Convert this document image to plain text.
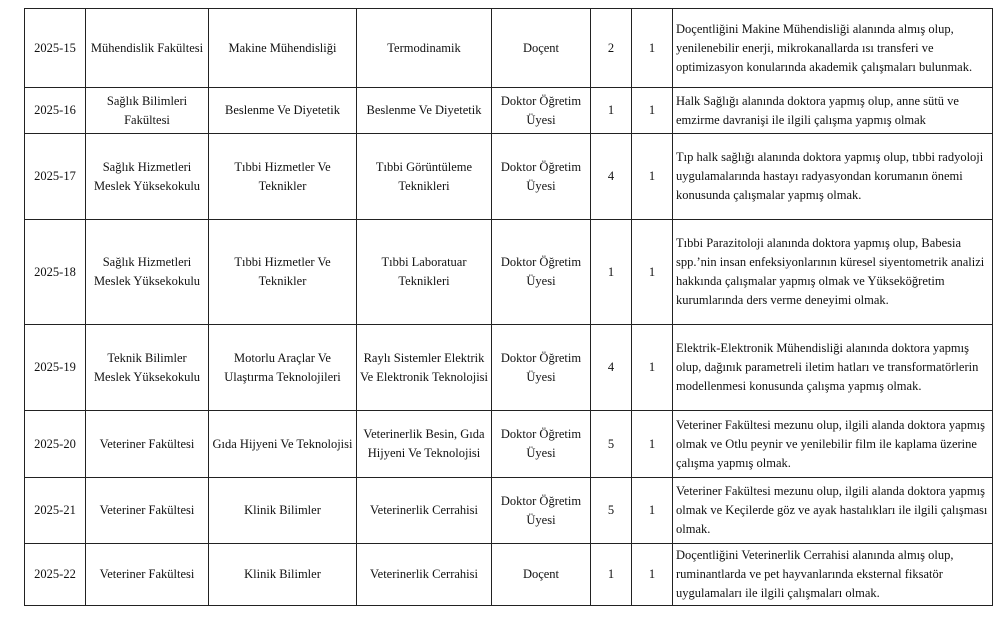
2025-15	Mühendislik Fakültesi	Makine Mühendisliği	Termodinamik	Doçent	2	1	Doçentliğini Makine Mühendisliği alanında almış olup, yenilenebilir enerji, mikrokanallarda ısı transferi ve optimizasyon konularında akademik çalışmaları bulunmak.
2025-16	Sağlık Bilimleri Fakültesi	Beslenme Ve Diyetetik	Beslenme Ve Diyetetik	Doktor Öğretim Üyesi	1	1	Halk Sağlığı alanında doktora yapmış olup, anne sütü ve emzirme davranişi ile ilgili çalışma yapmış olmak
2025-17	Sağlık Hizmetleri Meslek Yüksekokulu	Tıbbi Hizmetler Ve Teknikler	Tıbbi Görüntüleme Teknikleri	Doktor Öğretim Üyesi	4	1	Tıp halk sağlığı alanında doktora yapmış olup, tıbbi radyoloji uygulamalarında hastayı radyasyondan korumanın önemi konusunda çalışmalar yapmış olmak.
2025-18	Sağlık Hizmetleri Meslek Yüksekokulu	Tıbbi Hizmetler Ve Teknikler	Tıbbi Laboratuar Teknikleri	Doktor Öğretim Üyesi	1	1	Tıbbi Parazitoloji alanında doktora yapmış olup, Babesia spp.’nin insan enfeksiyonlarının küresel siyentometrik analizi hakkında çalışmalar yapmış olmak ve Yükseköğretim kurumlarında ders verme deneyimi olmak.
2025-19	Teknik Bilimler Meslek Yüksekokulu	Motorlu Araçlar Ve Ulaştırma Teknolojileri	Raylı Sistemler Elektrik Ve Elektronik Teknolojisi	Doktor Öğretim Üyesi	4	1	Elektrik-Elektronik Mühendisliği alanında doktora yapmış olup, dağınık parametreli iletim hatları ve transformatörlerin modellenmesi konusunda çalışma yapmış olmak.
2025-20	Veteriner Fakültesi	Gıda Hijyeni Ve Teknolojisi	Veterinerlik Besin, Gıda Hijyeni Ve Teknolojisi	Doktor Öğretim Üyesi	5	1	Veteriner Fakültesi mezunu olup, ilgili alanda doktora yapmış olmak ve Otlu peynir ve yenilebilir film ile kaplama üzerine çalışma yapmış olmak.
2025-21	Veteriner Fakültesi	Klinik Bilimler	Veterinerlik Cerrahisi	Doktor Öğretim Üyesi	5	1	Veteriner Fakültesi mezunu olup, ilgili alanda doktora yapmış olmak ve Keçilerde göz ve ayak hastalıkları ile ilgili çalışması olmak.
2025-22	Veteriner Fakültesi	Klinik Bilimler	Veterinerlik Cerrahisi	Doçent	1	1	Doçentliğini Veterinerlik Cerrahisi alanında almış olup, ruminantlarda ve pet hayvanlarında eksternal fiksatör uygulamaları ile ilgili çalışmaları olmak.
